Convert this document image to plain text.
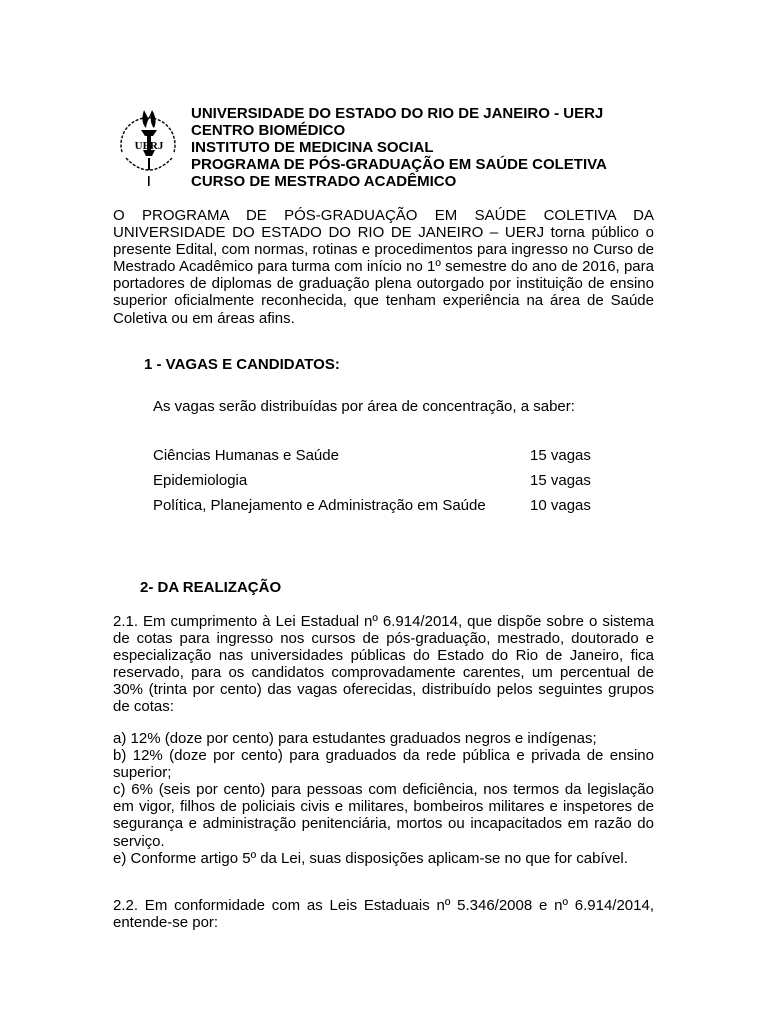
UERJ
UNIVERSIDADE DO ESTADO DO RIO DE JANEIRO - UERJ
CENTRO BIOMÉDICO
INSTITUTO DE MEDICINA SOCIAL
PROGRAMA DE PÓS-GRADUAÇÃO EM SAÚDE COLETIVA
CURSO DE MESTRADO ACADÊMICO
O PROGRAMA DE PÓS-GRADUAÇÃO EM SAÚDE COLETIVA DA UNIVERSIDADE DO ESTADO DO RIO DE JANEIRO – UERJ torna público o presente Edital, com normas, rotinas e procedimentos para ingresso no Curso de Mestrado Acadêmico para turma com início no 1º semestre do ano de 2016, para portadores de diplomas de graduação plena outorgado por instituição de ensino superior oficialmente reconhecida, que tenham experiência na área de Saúde Coletiva ou em áreas afins.
1 - VAGAS E CANDIDATOS:
As vagas serão distribuídas por área de concentração, a saber:
Ciências Humanas e Saúde	15 vagas
Epidemiologia	15 vagas
Política, Planejamento e Administração em Saúde	10 vagas
2- DA REALIZAÇÃO
2.1. Em cumprimento à Lei Estadual nº 6.914/2014, que dispõe sobre o sistema de cotas para ingresso nos cursos de pós-graduação, mestrado, doutorado e especialização nas universidades públicas do Estado do Rio de Janeiro, fica reservado, para os candidatos comprovadamente carentes, um percentual de 30% (trinta por cento) das vagas oferecidas, distribuído pelos seguintes grupos de cotas:
a) 12% (doze por cento) para estudantes graduados negros e indígenas;
b) 12% (doze por cento) para graduados da rede pública e privada de ensino superior;
c) 6% (seis por cento) para pessoas com deficiência, nos termos da legislação em vigor, filhos de policiais civis e militares, bombeiros militares e inspetores de segurança e administração penitenciária, mortos ou incapacitados em razão do serviço.
e) Conforme artigo 5º da Lei, suas disposições aplicam-se no que for cabível.
2.2. Em conformidade com as Leis Estaduais nº 5.346/2008 e nº 6.914/2014, entende-se por:
